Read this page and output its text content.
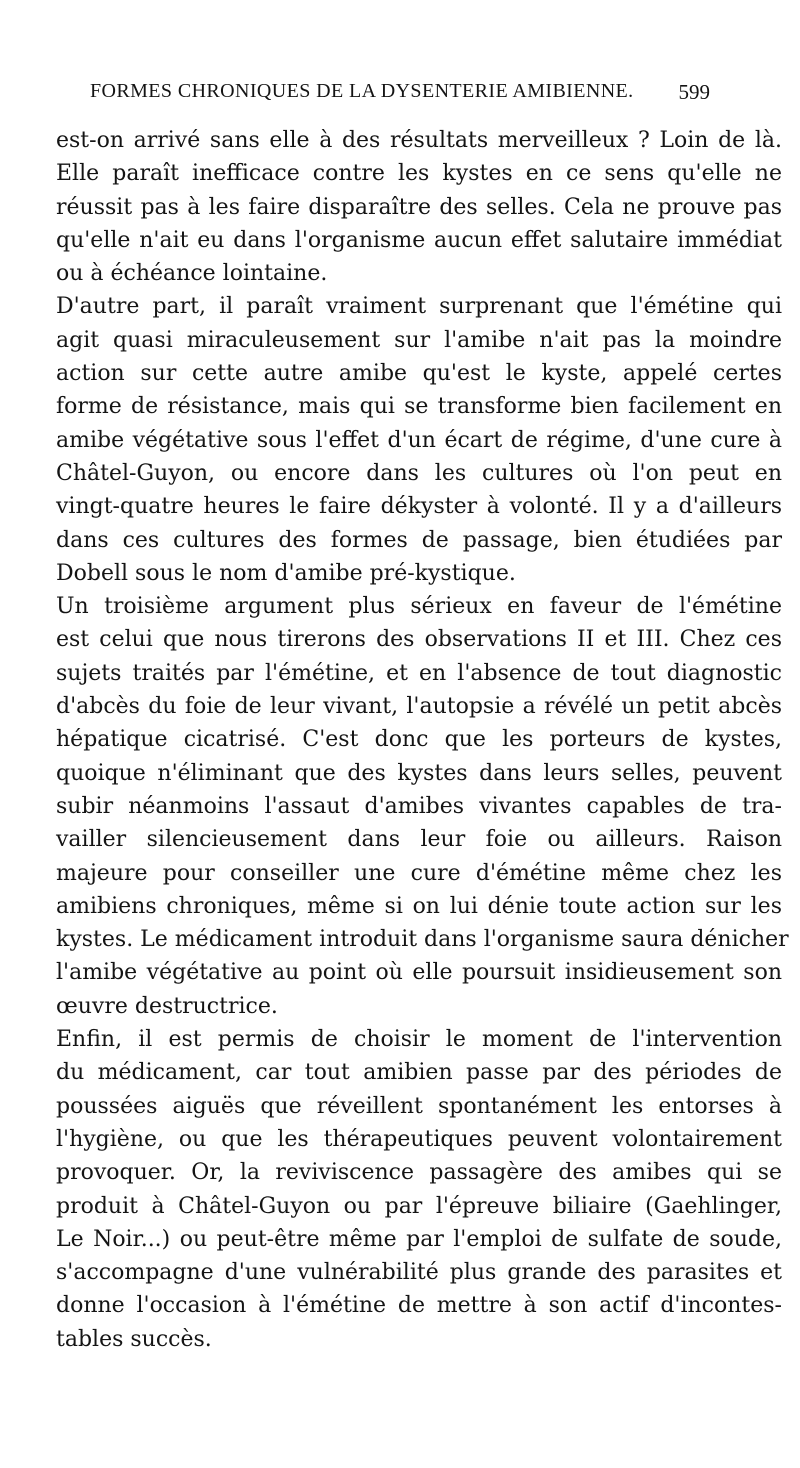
FORMES CHRONIQUES DE LA DYSENTERIE AMIBIENNE. 599
est-on arrivé sans elle à des résultats merveilleux ? Loin de là.
Elle paraît inefficace contre les kystes en ce sens qu'elle ne
réussit pas à les faire disparaître des selles. Cela ne prouve pas
qu'elle n'ait eu dans l'organisme aucun effet salutaire immédiat
ou à échéance lointaine.
D'autre part, il paraît vraiment surprenant que l'émétine qui
agit quasi miraculeusement sur l'amibe n'ait pas la moindre
action sur cette autre amibe qu'est le kyste, appelé certes
forme de résistance, mais qui se transforme bien facilement en
amibe végétative sous l'effet d'un écart de régime, d'une cure à
Châtel-Guyon, ou encore dans les cultures où l'on peut en
vingt-quatre heures le faire dékyster à volonté. Il y a d'ailleurs
dans ces cultures des formes de passage, bien étudiées par
Dobell sous le nom d'amibe pré-kystique.
Un troisième argument plus sérieux en faveur de l'émétine
est celui que nous tirerons des observations II et III. Chez ces
sujets traités par l'émétine, et en l'absence de tout diagnostic
d'abcès du foie de leur vivant, l'autopsie a révélé un petit abcès
hépatique cicatrisé. C'est donc que les porteurs de kystes,
quoique n'éliminant que des kystes dans leurs selles, peuvent
subir néanmoins l'assaut d'amibes vivantes capables de tra-
vailler silencieusement dans leur foie ou ailleurs. Raison
majeure pour conseiller une cure d'émétine même chez les
amibiens chroniques, même si on lui dénie toute action sur les
kystes. Le médicament introduit dans l'organisme saura dénicher
l'amibe végétative au point où elle poursuit insidieusement son
œuvre destructrice.
Enfin, il est permis de choisir le moment de l'intervention
du médicament, car tout amibien passe par des périodes de
poussées aiguës que réveillent spontanément les entorses à
l'hygiène, ou que les thérapeutiques peuvent volontairement
provoquer. Or, la reviviscence passagère des amibes qui se
produit à Châtel-Guyon ou par l'épreuve biliaire (Gaehlinger,
Le Noir...) ou peut-être même par l'emploi de sulfate de soude,
s'accompagne d'une vulnérabilité plus grande des parasites et
donne l'occasion à l'émétine de mettre à son actif d'incontes-
tables succès.
